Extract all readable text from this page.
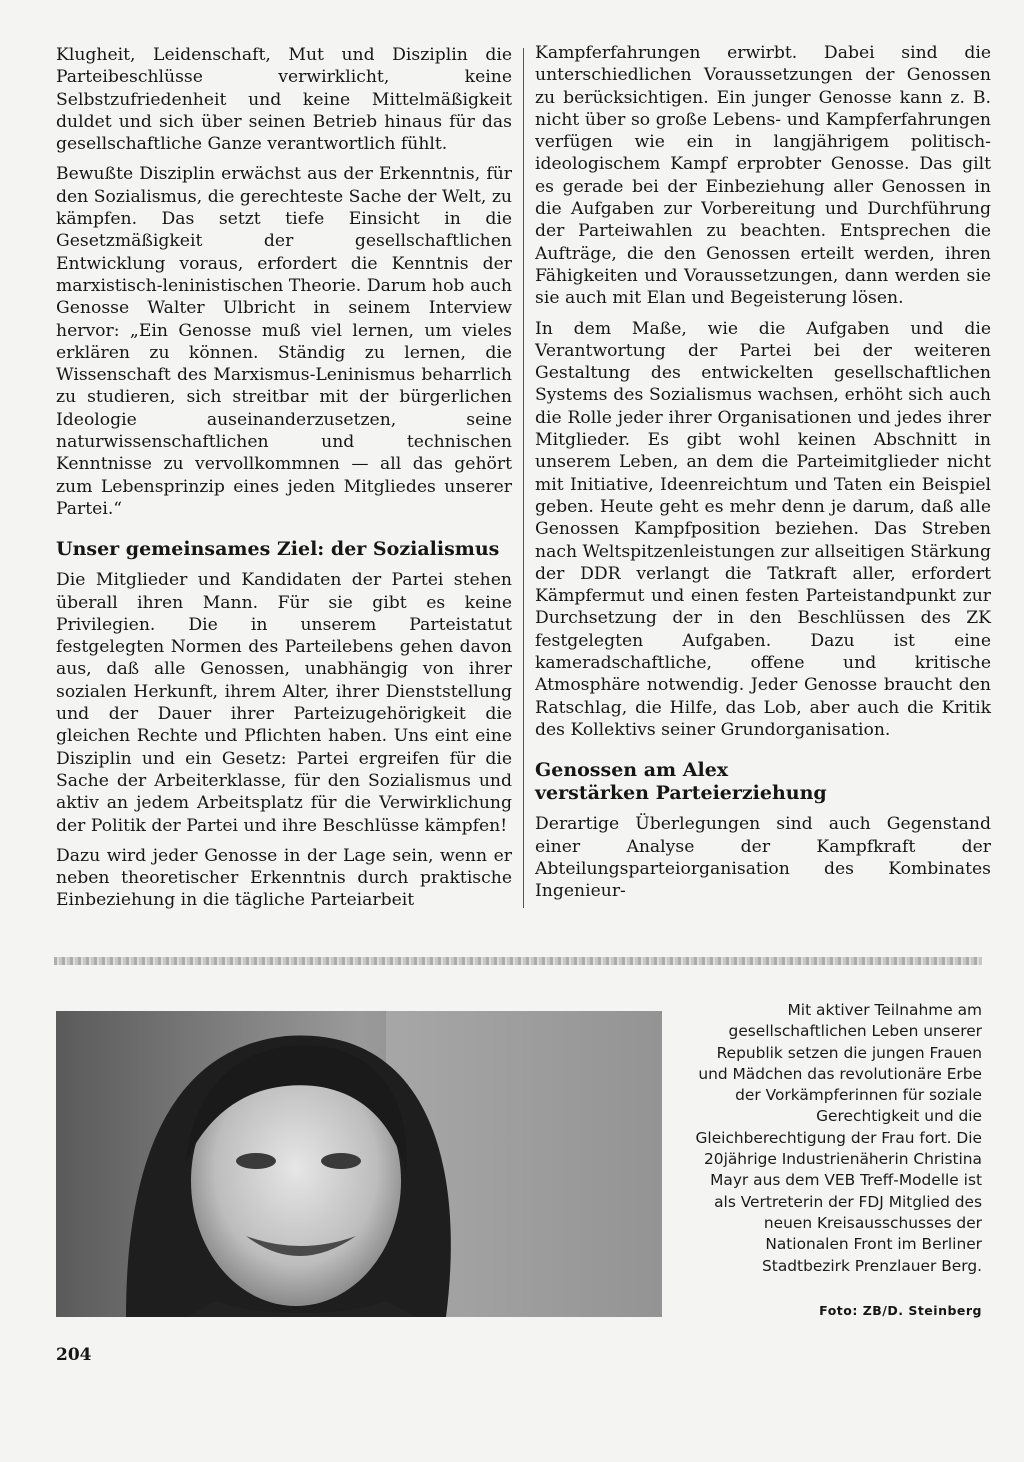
Klugheit, Leidenschaft, Mut und Disziplin die Parteibeschlüsse verwirklicht, keine Selbstzufriedenheit und keine Mittelmäßigkeit duldet und sich über seinen Betrieb hinaus für das gesellschaftliche Ganze verantwortlich fühlt.

Bewußte Disziplin erwächst aus der Erkenntnis, für den Sozialismus, die gerechteste Sache der Welt, zu kämpfen. Das setzt tiefe Einsicht in die Gesetzmäßigkeit der gesellschaftlichen Entwicklung voraus, erfordert die Kenntnis der marxistisch-leninistischen Theorie. Darum hob auch Genosse Walter Ulbricht in seinem Interview hervor: „Ein Genosse muß viel lernen, um vieles erklären zu können. Ständig zu lernen, die Wissenschaft des Marxismus-Leninismus beharrlich zu studieren, sich streitbar mit der bürgerlichen Ideologie auseinanderzusetzen, seine naturwissenschaftlichen und technischen Kenntnisse zu vervollkommnen — all das gehört zum Lebensprinzip eines jeden Mitgliedes unserer Partei.“

Unser gemeinsames Ziel: der Sozialismus

Die Mitglieder und Kandidaten der Partei stehen überall ihren Mann. Für sie gibt es keine Privilegien. Die in unserem Parteistatut festgelegten Normen des Parteilebens gehen davon aus, daß alle Genossen, unabhängig von ihrer sozialen Herkunft, ihrem Alter, ihrer Dienststellung und der Dauer ihrer Parteizugehörigkeit die gleichen Rechte und Pflichten haben. Uns eint eine Disziplin und ein Gesetz: Partei ergreifen für die Sache der Arbeiterklasse, für den Sozialismus und aktiv an jedem Arbeitsplatz für die Verwirklichung der Politik der Partei und ihre Beschlüsse kämpfen!

Dazu wird jeder Genosse in der Lage sein, wenn er neben theoretischer Erkenntnis durch praktische Einbeziehung in die tägliche Parteiarbeit

Kampferfahrungen erwirbt. Dabei sind die unterschiedlichen Voraussetzungen der Genossen zu berücksichtigen. Ein junger Genosse kann z. B. nicht über so große Lebens- und Kampferfahrungen verfügen wie ein in langjährigem politisch-ideologischem Kampf erprobter Genosse. Das gilt es gerade bei der Einbeziehung aller Genossen in die Aufgaben zur Vorbereitung und Durchführung der Parteiwahlen zu beachten. Entsprechen die Aufträge, die den Genossen erteilt werden, ihren Fähigkeiten und Voraussetzungen, dann werden sie sie auch mit Elan und Begeisterung lösen.

In dem Maße, wie die Aufgaben und die Verantwortung der Partei bei der weiteren Gestaltung des entwickelten gesellschaftlichen Systems des Sozialismus wachsen, erhöht sich auch die Rolle jeder ihrer Organisationen und jedes ihrer Mitglieder. Es gibt wohl keinen Abschnitt in unserem Leben, an dem die Parteimitglieder nicht mit Initiative, Ideenreichtum und Taten ein Beispiel geben. Heute geht es mehr denn je darum, daß alle Genossen Kampfposition beziehen. Das Streben nach Weltspitzenleistungen zur allseitigen Stärkung der DDR verlangt die Tatkraft aller, erfordert Kämpfermut und einen festen Parteistandpunkt zur Durchsetzung der in den Beschlüssen des ZK festgelegten Aufgaben. Dazu ist eine kameradschaftliche, offene und kritische Atmosphäre notwendig. Jeder Genosse braucht den Ratschlag, die Hilfe, das Lob, aber auch die Kritik des Kollektivs seiner Grundorganisation.

Genossen am Alex
verstärken Parteierziehung

Derartige Überlegungen sind auch Gegenstand einer Analyse der Kampfkraft der Abteilungsparteiorganisation des Kombinates Ingenieur-

Mit aktiver Teilnahme am gesellschaftlichen Leben unserer Republik setzen die jungen Frauen und Mädchen das revolutionäre Erbe der Vorkämpferinnen für soziale Gerechtigkeit und die Gleichberechtigung der Frau fort. Die 20jährige Industrienäherin Christina Mayr aus dem VEB Treff-Modelle ist als Vertreterin der FDJ Mitglied des neuen Kreisausschusses der Nationalen Front im Berliner Stadtbezirk Prenzlauer Berg.
Foto: ZB/D. Steinberg
204
